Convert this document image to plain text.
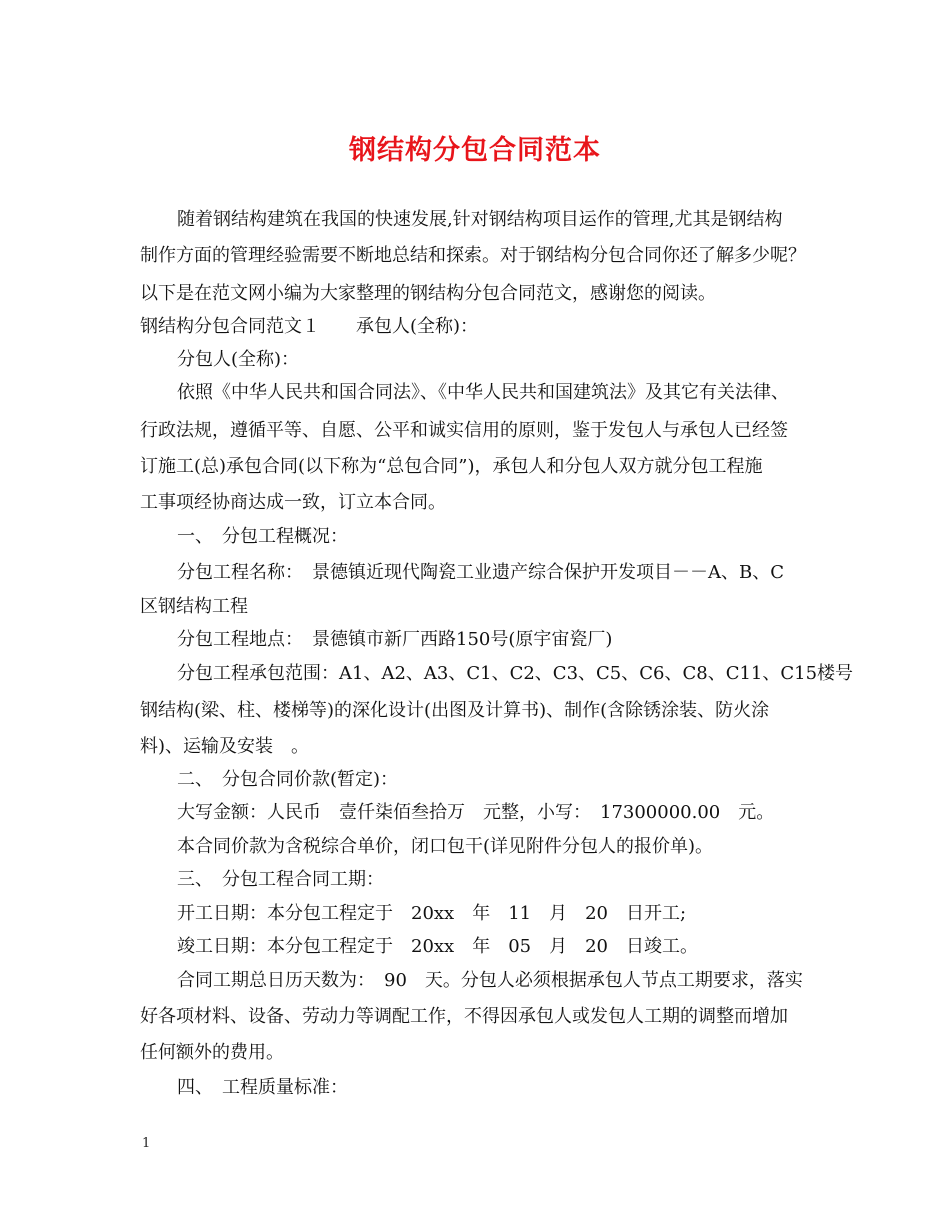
钢结构分包合同范本
随着钢结构建筑在我国的快速发展,针对钢结构项目运作的管理,尤其是钢结构
制作方面的管理经验需要不断地总结和探索。对于钢结构分包合同你还了解多少呢？
以下是在范文网小编为大家整理的钢结构分包合同范文，感谢您的阅读。
钢结构分包合同范文１　　承包人(全称)：
分包人(全称)：
依照《中华人民共和国合同法》、《中华人民共和国建筑法》及其它有关法律、
行政法规，遵循平等、自愿、公平和诚实信用的原则，鉴于发包人与承包人已经签
订施工(总)承包合同(以下称为“总包合同”)，承包人和分包人双方就分包工程施
工事项经协商达成一致，订立本合同。
一、　分包工程概况：
分包工程名称：　景德镇近现代陶瓷工业遗产综合保护开发项目－－A、B、C
区钢结构工程
分包工程地点：　景德镇市新厂西路150号(原宇宙瓷厂)
分包工程承包范围：A1、A2、A3、C1、C2、C3、C5、C6、C8、C11、C15楼号
钢结构(梁、柱、楼梯等)的深化设计(出图及计算书)、制作(含除锈涂装、防火涂
料)、运输及安装　。
二、　分包合同价款(暂定)：
大写金额：人民币　壹仟柒佰叁拾万　元整，小写：　17300000.00　元。
本合同价款为含税综合单价，闭口包干(详见附件分包人的报价单)。
三、　分包工程合同工期：
开工日期：本分包工程定于　20xx　年　11　月　20　日开工;
竣工日期：本分包工程定于　20xx　年　05　月　20　日竣工。
合同工期总日历天数为：　90　天。分包人必须根据承包人节点工期要求，落实
好各项材料、设备、劳动力等调配工作，不得因承包人或发包人工期的调整而增加
任何额外的费用。
四、　工程质量标准：
1
